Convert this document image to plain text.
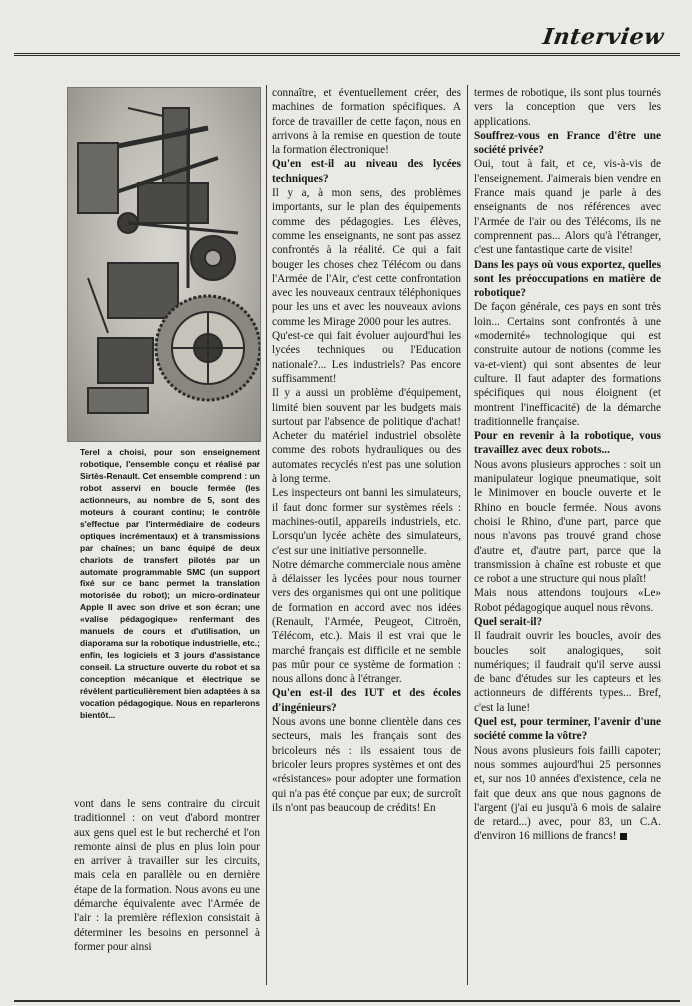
Interview
Terel a choisi, pour son enseignement robotique, l'ensemble conçu et réalisé par Sirtès-Renault. Cet ensemble comprend : un robot asservi en boucle fermée (les actionneurs, au nombre de 5, sont des moteurs à courant continu; le contrôle s'effectue par l'intermédiaire de codeurs optiques incrémentaux) et à transmissions par chaînes; un banc équipé de deux chariots de transfert pilotés par un automate programmable SMC (un support fixé sur ce banc permet la translation motorisée du robot); un micro-ordinateur Apple II avec son drive et son écran; une «valise pédagogique» renfermant des manuels de cours et d'utilisation, un diaporama sur la robotique industrielle, etc.; enfin, les logiciels et 3 jours d'assistance conseil. La structure ouverte du robot et sa conception mécanique et électrique se révèlent particulièrement bien adaptées à sa vocation pédagogique. Nous en reparlerons bientôt...

vont dans le sens contraire du circuit traditionnel : on veut d'abord montrer aux gens quel est le but recherché et l'on remonte ainsi de plus en plus loin pour en arriver à travailler sur les circuits, mais cela en parallèle ou en dernière étape de la formation. Nous avons eu une démarche équivalente avec l'Armée de l'air : la première réflexion consistait à déterminer les besoins en personnel à former pour ainsi

connaître, et éventuellement créer, des machines de formation spécifiques. A force de travailler de cette façon, nous en arrivons à la remise en question de toute la formation électronique!

Qu'en est-il au niveau des lycées techniques?

Il y a, à mon sens, des problèmes importants, sur le plan des équipements comme des pédagogies. Les élèves, comme les enseignants, ne sont pas assez confrontés à la réalité. Ce qui a fait bouger les choses chez Télécom ou dans l'Armée de l'Air, c'est cette confrontation avec les nouveaux centraux téléphoniques pour les uns et avec les nouveaux avions comme les Mirage 2000 pour les autres.

Qu'est-ce qui fait évoluer aujourd'hui les lycées techniques ou l'Education nationale?... Les industriels? Pas encore suffisamment!

Il y a aussi un problème d'équipement, limité bien souvent par les budgets mais surtout par l'absence de politique d'achat! Acheter du matériel industriel obsolète comme des robots hydrauliques ou des automates recyclés n'est pas une solution à long terme.

Les inspecteurs ont banni les simulateurs, il faut donc former sur systèmes réels : machines-outil, appareils industriels, etc. Lorsqu'un lycée achète des simulateurs, c'est sur une initiative personnelle.

Notre démarche commerciale nous amène à délaisser les lycées pour nous tourner vers des organismes qui ont une politique de formation en accord avec nos idées (Renault, l'Armée, Peugeot, Citroën, Télécom, etc.). Mais il est vrai que le marché français est difficile et ne semble pas mûr pour ce système de formation : nous allons donc à l'étranger.

Qu'en est-il des IUT et des écoles d'ingénieurs?

Nous avons une bonne clientèle dans ces secteurs, mais les français sont des bricoleurs nés : ils essaient tous de bricoler leurs propres systèmes et ont des «résistances» pour adopter une formation qui n'a pas été conçue par eux; de surcroît ils n'ont pas beaucoup de crédits! En

termes de robotique, ils sont plus tournés vers la conception que vers les applications.

Souffrez-vous en France d'être une société privée?

Oui, tout à fait, et ce, vis-à-vis de l'enseignement. J'aimerais bien vendre en France mais quand je parle à des enseignants de nos références avec l'Armée de l'air ou des Télécoms, ils ne comprennent pas... Alors qu'à l'étranger, c'est une fantastique carte de visite!

Dans les pays où vous exportez, quelles sont les préoccupations en matière de robotique?

De façon générale, ces pays en sont très loin... Certains sont confrontés à une «modernité» technologique qui est construite autour de notions (comme les va-et-vient) qui sont absentes de leur culture. Il faut adapter des formations spécifiques qui nous éloignent (et montrent l'inefficacité) de la démarche traditionnelle française.

Pour en revenir à la robotique, vous travaillez avec deux robots...

Nous avons plusieurs approches : soit un manipulateur logique pneumatique, soit le Minimover en boucle ouverte et le Rhino en boucle fermée. Nous avons choisi le Rhino, d'une part, parce que nous n'avons pas trouvé grand chose d'autre et, d'autre part, parce que la transmission à chaîne est robuste et que ce robot a une structure qui nous plaît!

Mais nous attendons toujours «Le» Robot pédagogique auquel nous rêvons.

Quel serait-il?

Il faudrait ouvrir les boucles, avoir des boucles soit analogiques, soit numériques; il faudrait qu'il serve aussi de banc d'études sur les capteurs et les actionneurs de différents types... Bref, c'est la lune!

Quel est, pour terminer, l'avenir d'une société comme la vôtre?

Nous avons plusieurs fois failli capoter; nous sommes aujourd'hui 25 personnes et, sur nos 10 années d'existence, cela ne fait que deux ans que nous gagnons de l'argent (j'ai eu jusqu'à 6 mois de salaire de retard...) avec, pour 83, un C.A. d'environ 16 millions de francs!
